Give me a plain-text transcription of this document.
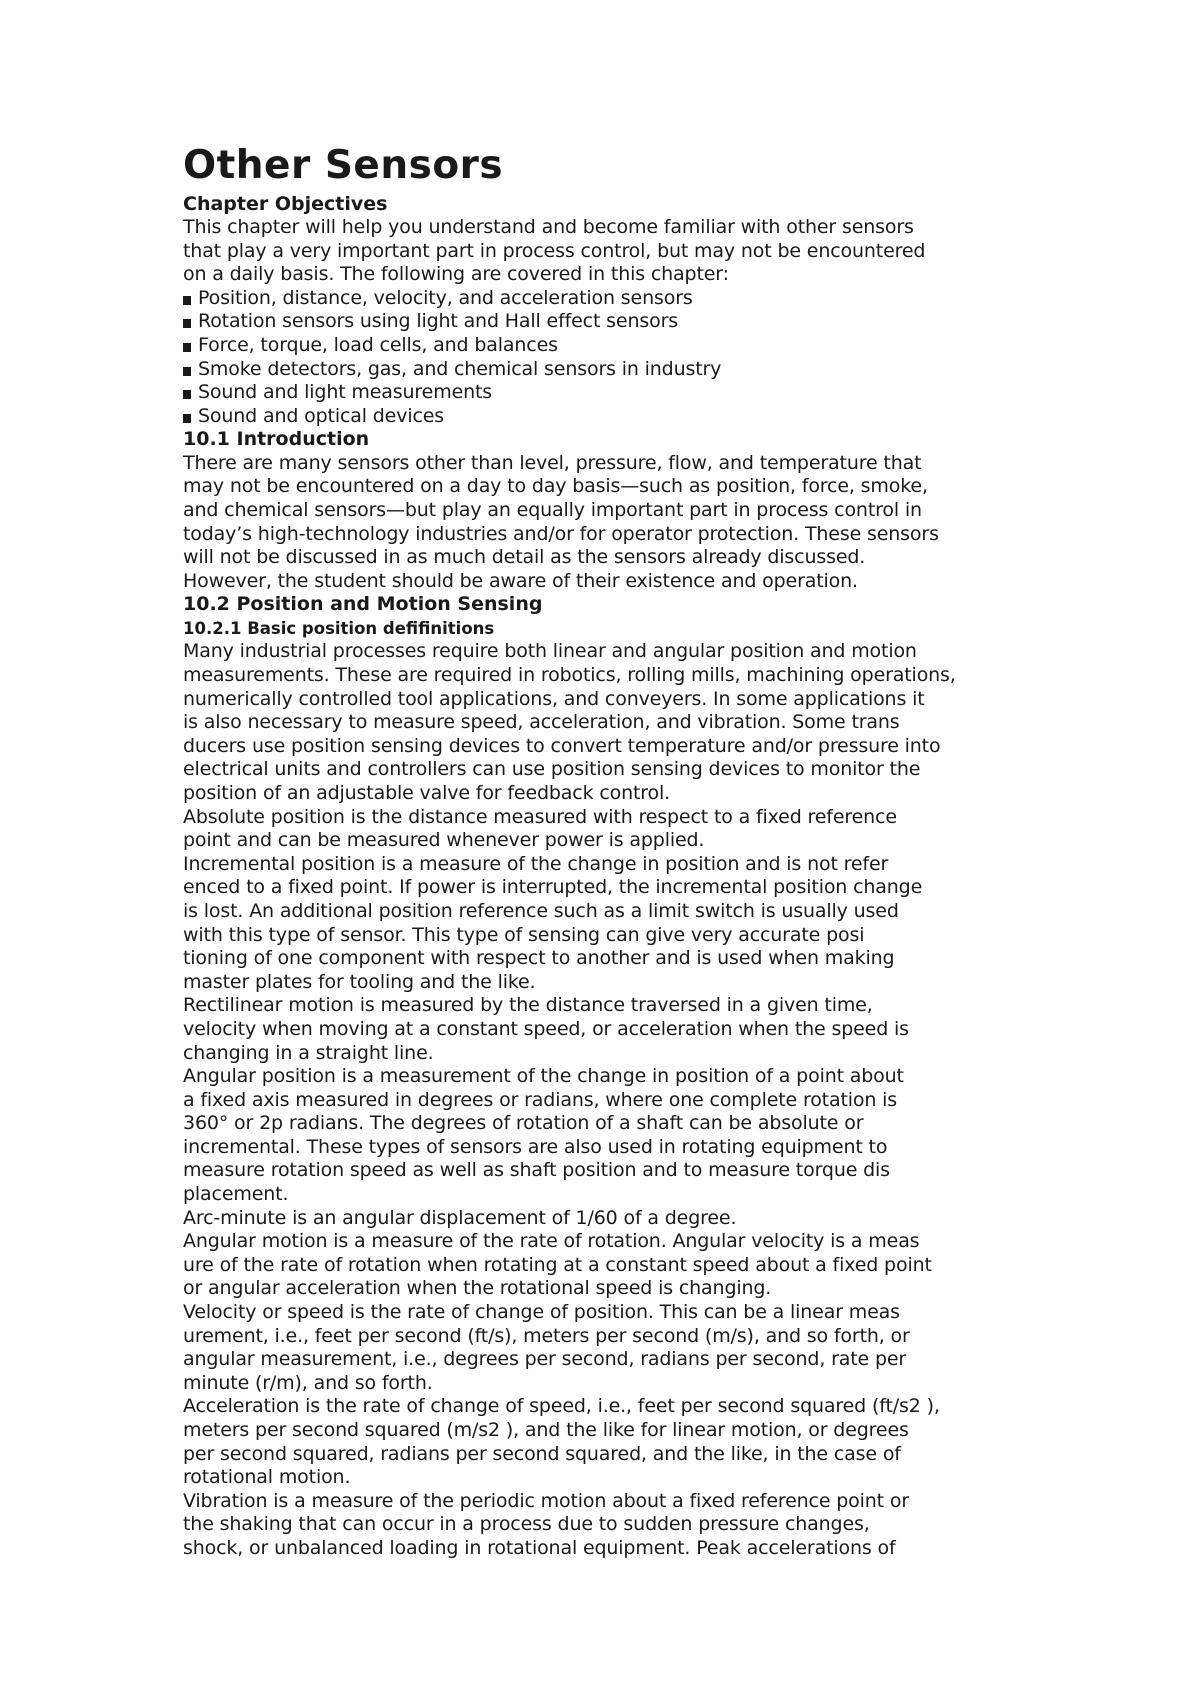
Other Sensors
Chapter Objectives

This chapter will help you understand and become familiar with other sensors
that play a very important part in process control, but may not be encountered
on a daily basis. The following are covered in this chapter:

Position, distance, velocity, and acceleration sensors
Rotation sensors using light and Hall effect sensors
Force, torque, load cells, and balances
Smoke detectors, gas, and chemical sensors in industry
Sound and light measurements
Sound and optical devices
10.1 Introduction

There are many sensors other than level, pressure, flow, and temperature that
may not be encountered on a day to day basis—such as position, force, smoke,
and chemical sensors—but play an equally important part in process control in
today’s high-technology industries and/or for operator protection. These sensors
will not be discussed in as much detail as the sensors already discussed.
However, the student should be aware of their existence and operation.

10.2 Position and Motion Sensing
10.2.1 Basic position defifinitions

Many industrial processes require both linear and angular position and motion
measurements. These are required in robotics, rolling mills, machining operations,
numerically controlled tool applications, and conveyers. In some applications it
is also necessary to measure speed, acceleration, and vibration. Some trans
ducers use position sensing devices to convert temperature and/or pressure into
electrical units and controllers can use position sensing devices to monitor the
position of an adjustable valve for feedback control.

Absolute position is the distance measured with respect to a fixed reference
point and can be measured whenever power is applied.

Incremental position is a measure of the change in position and is not refer
enced to a fixed point. If power is interrupted, the incremental position change
is lost. An additional position reference such as a limit switch is usually used
with this type of sensor. This type of sensing can give very accurate posi
tioning of one component with respect to another and is used when making
master plates for tooling and the like.

Rectilinear motion is measured by the distance traversed in a given time,
velocity when moving at a constant speed, or acceleration when the speed is
changing in a straight line.

Angular position is a measurement of the change in position of a point about
a fixed axis measured in degrees or radians, where one complete rotation is
360° or 2p radians. The degrees of rotation of a shaft can be absolute or
incremental. These types of sensors are also used in rotating equipment to
measure rotation speed as well as shaft position and to measure torque dis
placement.

Arc-minute is an angular displacement of 1/60 of a degree.

Angular motion is a measure of the rate of rotation. Angular velocity is a meas
ure of the rate of rotation when rotating at a constant speed about a fixed point
or angular acceleration when the rotational speed is changing.

Velocity or speed is the rate of change of position. This can be a linear meas
urement, i.e., feet per second (ft/s), meters per second (m/s), and so forth, or
angular measurement, i.e., degrees per second, radians per second, rate per
minute (r/m), and so forth.

Acceleration is the rate of change of speed, i.e., feet per second squared (ft/s2 ),
meters per second squared (m/s2 ), and the like for linear motion, or degrees
per second squared, radians per second squared, and the like, in the case of
rotational motion.

Vibration is a measure of the periodic motion about a fixed reference point or
the shaking that can occur in a process due to sudden pressure changes,
shock, or unbalanced loading in rotational equipment. Peak accelerations of
